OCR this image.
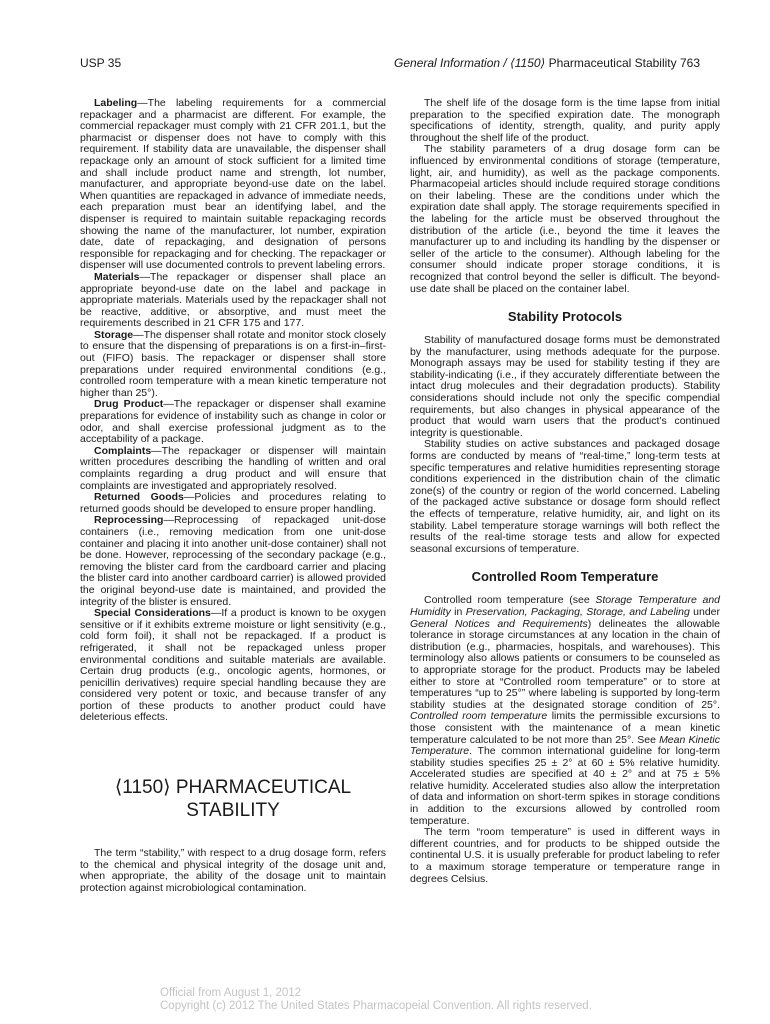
USP 35	General Information / ⟨1150⟩ Pharmaceutical Stability 763

Labeling—The labeling requirements for a commercial repackager and a pharmacist are different. For example, the commercial repackager must comply with 21 CFR 201.1, but the pharmacist or dispenser does not have to comply with this requirement. If stability data are unavailable, the dispenser shall repackage only an amount of stock sufficient for a limited time and shall include product name and strength, lot number, manufacturer, and appropriate beyond-use date on the label. When quantities are repackaged in advance of immediate needs, each preparation must bear an identifying label, and the dispenser is required to maintain suitable repackaging records showing the name of the manufacturer, lot number, expiration date, date of repackaging, and designation of persons responsible for repackaging and for checking. The repackager or dispenser will use documented controls to prevent labeling errors.

Materials—The repackager or dispenser shall place an appropriate beyond-use date on the label and package in appropriate materials. Materials used by the repackager shall not be reactive, additive, or absorptive, and must meet the requirements described in 21 CFR 175 and 177.

Storage—The dispenser shall rotate and monitor stock closely to ensure that the dispensing of preparations is on a first-in–first-out (FIFO) basis. The repackager or dispenser shall store preparations under required environmental conditions (e.g., controlled room temperature with a mean kinetic temperature not higher than 25°).

Drug Product—The repackager or dispenser shall examine preparations for evidence of instability such as change in color or odor, and shall exercise professional judgment as to the acceptability of a package.

Complaints—The repackager or dispenser will maintain written procedures describing the handling of written and oral complaints regarding a drug product and will ensure that complaints are investigated and appropriately resolved.

Returned Goods—Policies and procedures relating to returned goods should be developed to ensure proper handling.

Reprocessing—Reprocessing of repackaged unit-dose containers (i.e., removing medication from one unit-dose container and placing it into another unit-dose container) shall not be done. However, reprocessing of the secondary package (e.g., removing the blister card from the cardboard carrier and placing the blister card into another cardboard carrier) is allowed provided the original beyond-use date is maintained, and provided the integrity of the blister is ensured.

Special Considerations—If a product is known to be oxygen sensitive or if it exhibits extreme moisture or light sensitivity (e.g., cold form foil), it shall not be repackaged. If a product is refrigerated, it shall not be repackaged unless proper environmental conditions and suitable materials are available. Certain drug products (e.g., oncologic agents, hormones, or penicillin derivatives) require special handling because they are considered very potent or toxic, and because transfer of any portion of these products to another product could have deleterious effects.

⟨1150⟩ PHARMACEUTICAL
STABILITY

The term “stability,” with respect to a drug dosage form, refers to the chemical and physical integrity of the dosage unit and, when appropriate, the ability of the dosage unit to maintain protection against microbiological contamination.

The shelf life of the dosage form is the time lapse from initial preparation to the specified expiration date. The monograph specifications of identity, strength, quality, and purity apply throughout the shelf life of the product.

The stability parameters of a drug dosage form can be influenced by environmental conditions of storage (temperature, light, air, and humidity), as well as the package components. Pharmacopeial articles should include required storage conditions on their labeling. These are the conditions under which the expiration date shall apply. The storage requirements specified in the labeling for the article must be observed throughout the distribution of the article (i.e., beyond the time it leaves the manufacturer up to and including its handling by the dispenser or seller of the article to the consumer). Although labeling for the consumer should indicate proper storage conditions, it is recognized that control beyond the seller is difficult. The beyond-use date shall be placed on the container label.

Stability Protocols

Stability of manufactured dosage forms must be demonstrated by the manufacturer, using methods adequate for the purpose. Monograph assays may be used for stability testing if they are stability-indicating (i.e., if they accurately differentiate between the intact drug molecules and their degradation products). Stability considerations should include not only the specific compendial requirements, but also changes in physical appearance of the product that would warn users that the product’s continued integrity is questionable.

Stability studies on active substances and packaged dosage forms are conducted by means of “real-time,” long-term tests at specific temperatures and relative humidities representing storage conditions experienced in the distribution chain of the climatic zone(s) of the country or region of the world concerned. Labeling of the packaged active substance or dosage form should reflect the effects of temperature, relative humidity, air, and light on its stability. Label temperature storage warnings will both reflect the results of the real-time storage tests and allow for expected seasonal excursions of temperature.

Controlled Room Temperature

Controlled room temperature (see Storage Temperature and Humidity in Preservation, Packaging, Storage, and Labeling under General Notices and Requirements) delineates the allowable tolerance in storage circumstances at any location in the chain of distribution (e.g., pharmacies, hospitals, and warehouses). This terminology also allows patients or consumers to be counseled as to appropriate storage for the product. Products may be labeled either to store at “Controlled room temperature” or to store at temperatures “up to 25°” where labeling is supported by long-term stability studies at the designated storage condition of 25°. Controlled room temperature limits the permissible excursions to those consistent with the maintenance of a mean kinetic temperature calculated to be not more than 25°. See Mean Kinetic Temperature. The common international guideline for long-term stability studies specifies 25 ± 2° at 60 ± 5% relative humidity. Accelerated studies are specified at 40 ± 2° and at 75 ± 5% relative humidity. Accelerated studies also allow the interpretation of data and information on short-term spikes in storage conditions in addition to the excursions allowed by controlled room temperature.

The term “room temperature” is used in different ways in different countries, and for products to be shipped outside the continental U.S. it is usually preferable for product labeling to refer to a maximum storage temperature or temperature range in degrees Celsius.

Official from August 1, 2012
Copyright (c) 2012 The United States Pharmacopeial Convention. All rights reserved.
